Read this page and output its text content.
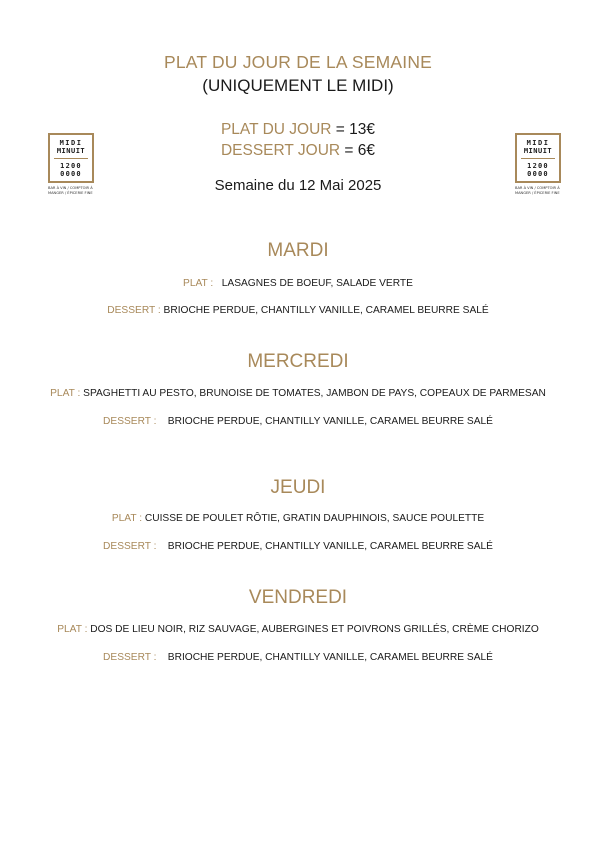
PLAT DU JOUR DE LA SEMAINE
(UNIQUEMENT LE MIDI)
PLAT DU JOUR = 13€
DESSERT JOUR = 6€
Semaine du 12 Mai 2025
MIDI
MINUIT
1200
0000
BAR À VIN / COMPTOIR À
MANGER / ÉPICERIE FINE
MIDI
MINUIT
1200
0000
BAR À VIN / COMPTOIR À
MANGER / ÉPICERIE FINE
MARDI
PLAT : LASAGNES DE BOEUF, SALADE VERTE
DESSERT : BRIOCHE PERDUE, CHANTILLY VANILLE, CARAMEL BEURRE SALÉ
MERCREDI
PLAT : SPAGHETTI AU PESTO, BRUNOISE DE TOMATES, JAMBON DE PAYS, COPEAUX DE PARMESAN
DESSERT : BRIOCHE PERDUE, CHANTILLY VANILLE, CARAMEL BEURRE SALÉ
JEUDI
PLAT : CUISSE DE POULET RÔTIE, GRATIN DAUPHINOIS, SAUCE POULETTE
DESSERT : BRIOCHE PERDUE, CHANTILLY VANILLE, CARAMEL BEURRE SALÉ
VENDREDI
PLAT : DOS DE LIEU NOIR, RIZ SAUVAGE, AUBERGINES ET POIVRONS GRILLÉS, CRÈME CHORIZO
DESSERT : BRIOCHE PERDUE, CHANTILLY VANILLE, CARAMEL BEURRE SALÉ
